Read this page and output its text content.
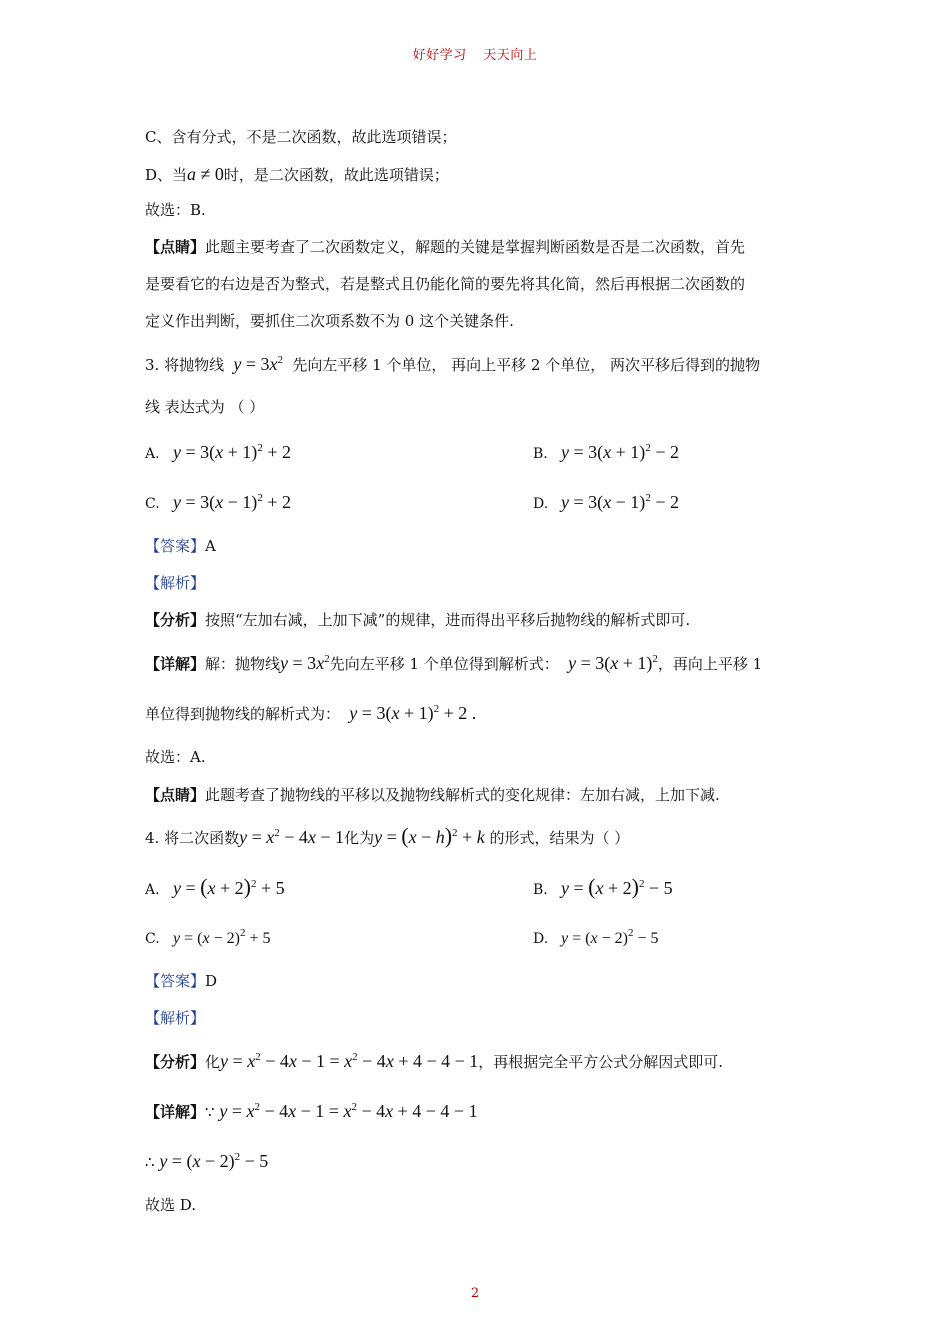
好好学习 天天向上
C、含有分式，不是二次函数，故此选项错误；
D、当a ≠ 0时，是二次函数，故此选项错误；
故选：B.
【点睛】此题主要考查了二次函数定义，解题的关键是掌握判断函数是否是二次函数，首先
是要看它的右边是否为整式，若是整式且仍能化简的要先将其化简，然后再根据二次函数的
定义作出判断，要抓住二次项系数不为 0 这个关键条件.
3. 将抛物线 $y = 3x^2$ 先向左平移 1 个单位， 再向上平移 2 个单位， 两次平移后得到的抛物
线 表达式为 （ ）
A. $y = 3(x + 1)^2 + 2$	B. $y = 3(x + 1)^2 - 2$
C. $y = 3(x - 1)^2 + 2$	D. $y = 3(x - 1)^2 - 2$
【答案】A
【解析】
【分析】按照“左加右减，上加下减”的规律，进而得出平移后抛物线的解析式即可.
【详解】解：抛物线$y = 3x^2$先向左平移 1 个单位得到解析式： $y = 3(x + 1)^2$，再向上平移 1
单位得到抛物线的解析式为： $y = 3(x + 1)^2 + 2$ .
故选：A.
【点睛】此题考查了抛物线的平移以及抛物线解析式的变化规律：左加右减，上加下减.
4. 将二次函数$y = x^2 - 4x - 1$化为$y = (x - h)^2 + k$ 的形式，结果为（ ）
A. $y = (x + 2)^2 + 5$	B. $y = (x + 2)^2 - 5$
C. $y = (x - 2)^2 + 5$	D. $y = (x - 2)^2 - 5$
【答案】D
【解析】
【分析】化$y = x^2 - 4x - 1 = x^2 - 4x + 4 - 4 - 1$，再根据完全平方公式分解因式即可.
【详解】∵ $y = x^2 - 4x - 1 = x^2 - 4x + 4 - 4 - 1$
∴ $y = (x - 2)^2 - 5$
故选 D.
2
